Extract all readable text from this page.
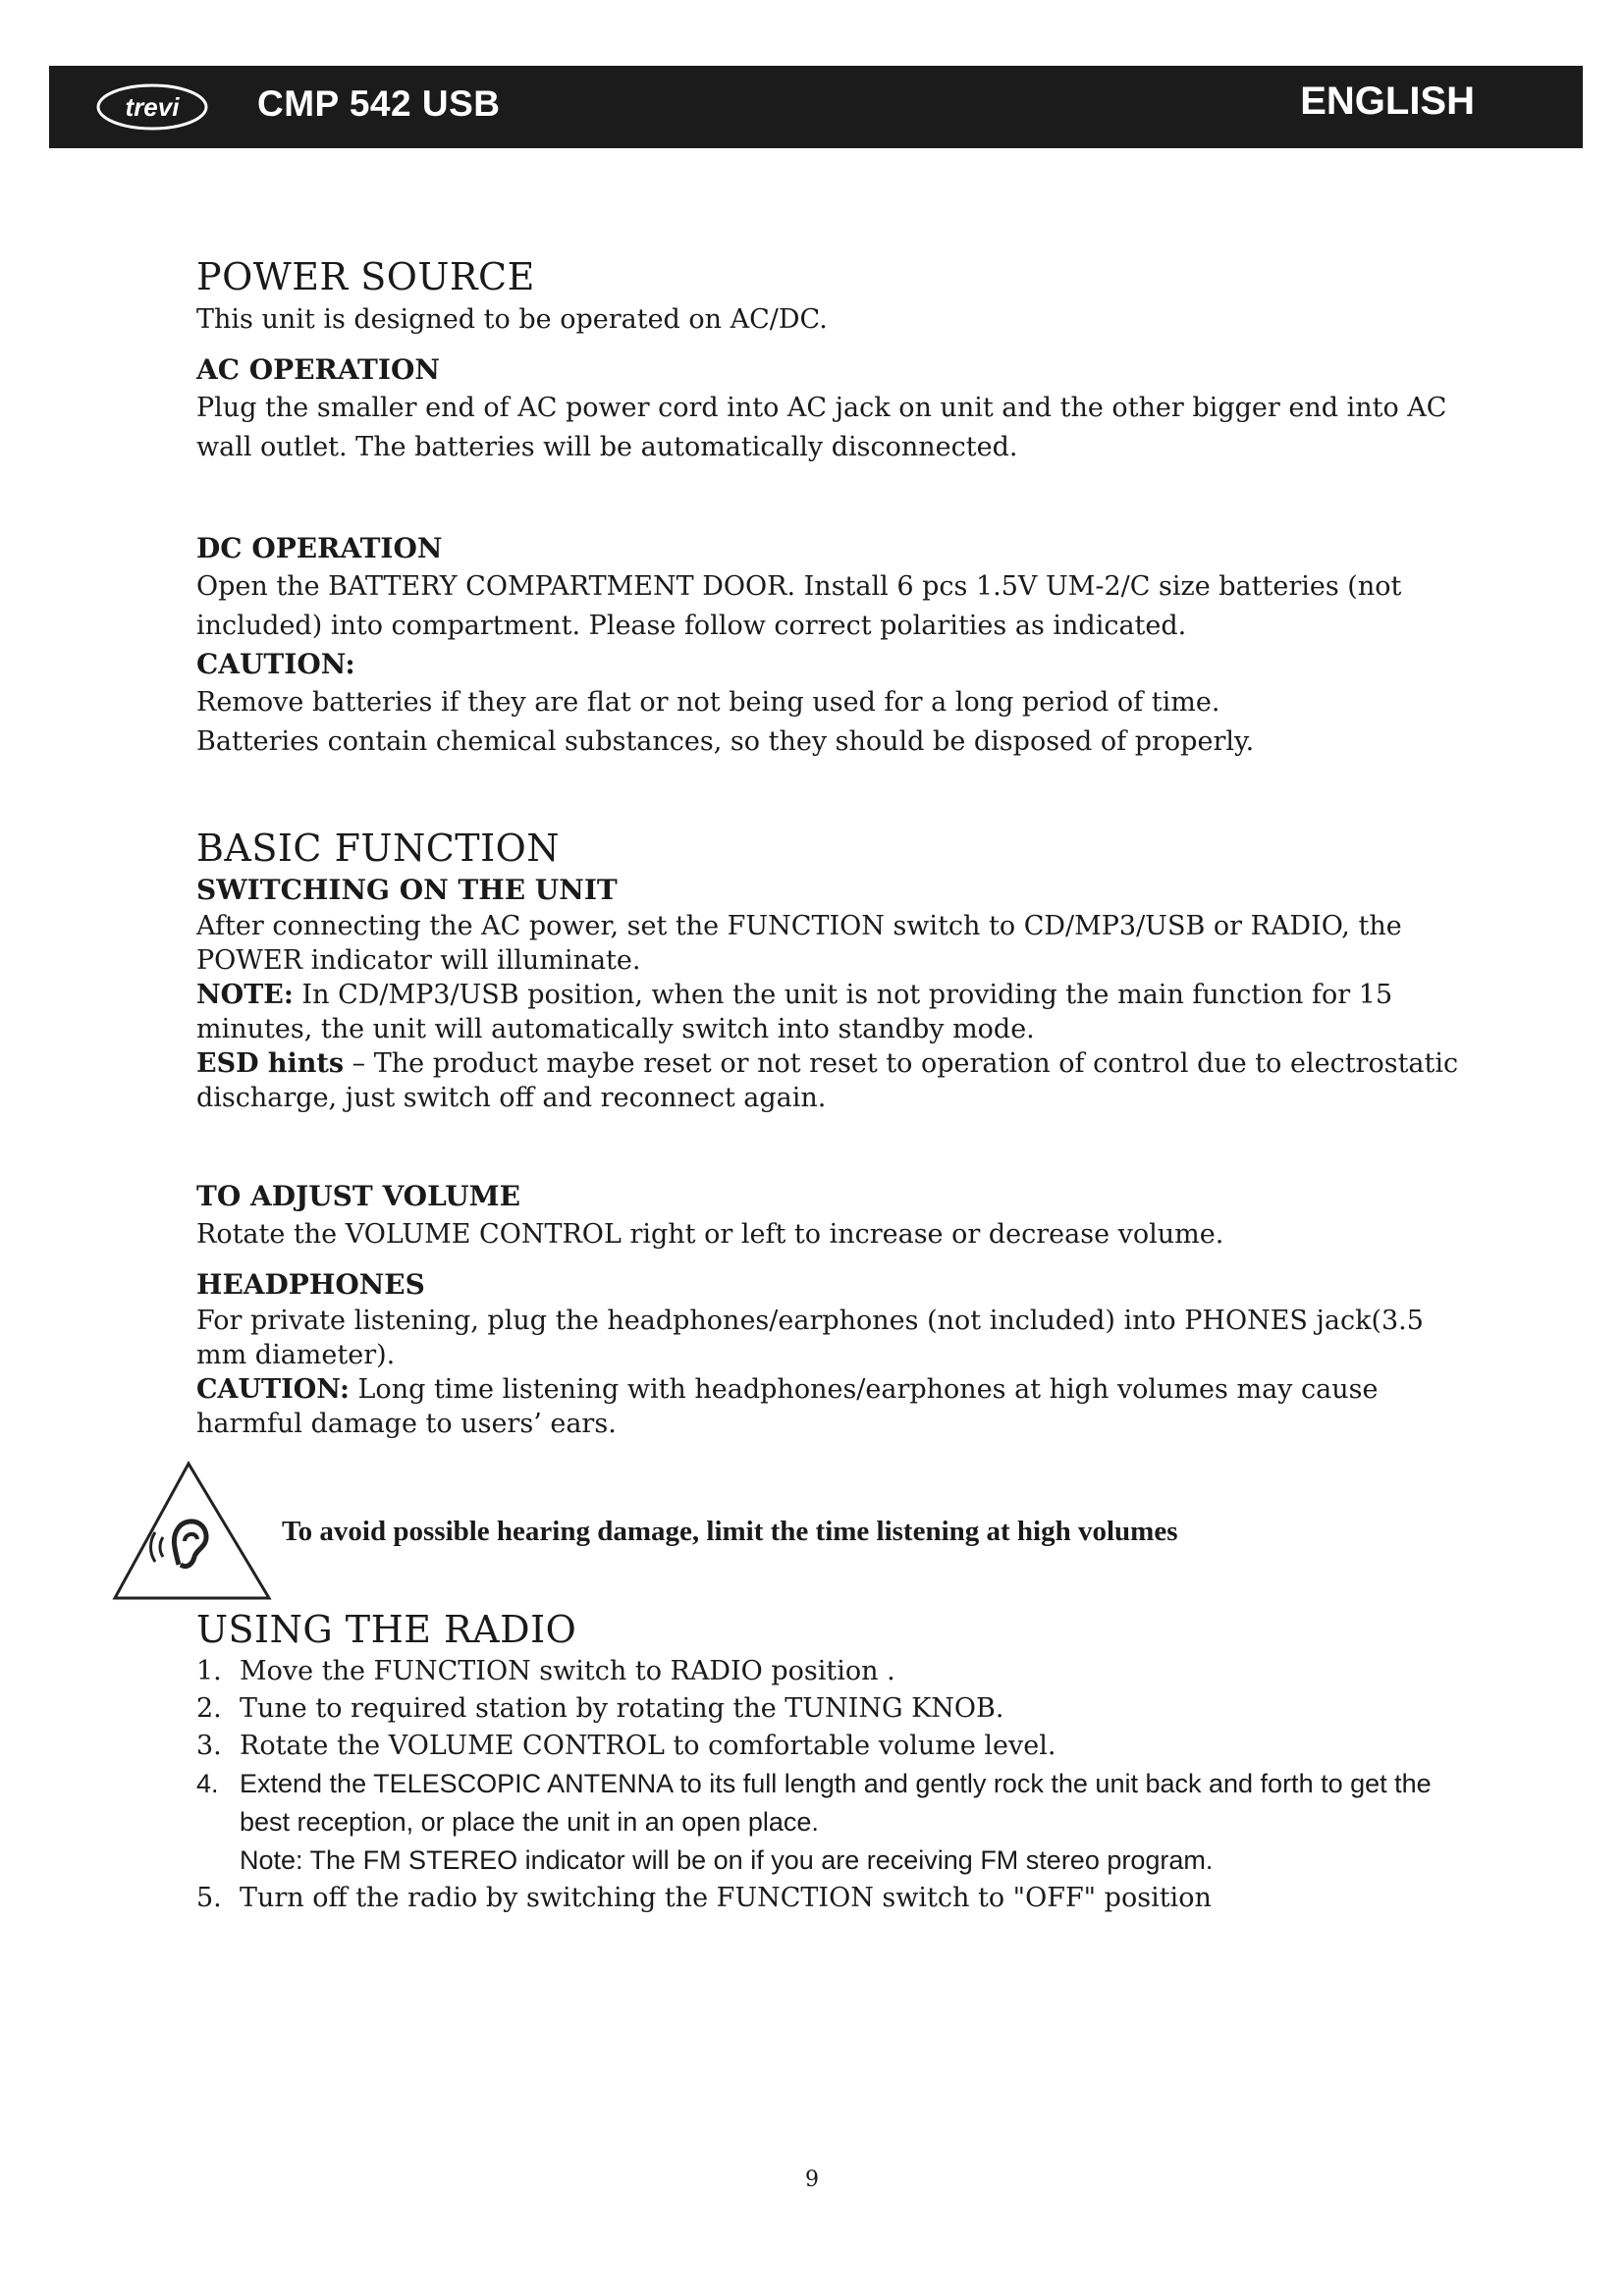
trevi CMP 542 USB	ENGLISH
POWER SOURCE

This unit is designed to be operated on AC/DC.

AC OPERATION

Plug the smaller end of AC power cord into AC jack on unit and the other bigger end into AC wall outlet. The batteries will be automatically disconnected.

DC OPERATION

Open the BATTERY COMPARTMENT DOOR. Install 6 pcs 1.5V UM-2/C size batteries (not included) into compartment. Please follow correct polarities as indicated.

CAUTION:

Remove batteries if they are flat or not being used for a long period of time.

Batteries contain chemical substances, so they should be disposed of properly.

BASIC FUNCTION
SWITCHING ON THE UNIT

After connecting the AC power, set the FUNCTION switch to CD/MP3/USB or RADIO, the POWER indicator will illuminate.

NOTE: In CD/MP3/USB position, when the unit is not providing the main function for 15 minutes, the unit will automatically switch into standby mode.

ESD hints – The product maybe reset or not reset to operation of control due to electrostatic discharge, just switch off and reconnect again.

TO ADJUST VOLUME

Rotate the VOLUME CONTROL right or left to increase or decrease volume.

HEADPHONES

For private listening, plug the headphones/earphones (not included) into PHONES jack(3.5 mm diameter).

CAUTION: Long time listening with headphones/earphones at high volumes may cause harmful damage to users’ ears.

To avoid possible hearing damage, limit the time listening at high volumes
USING THE RADIO
1. Move the FUNCTION switch to RADIO position .
2. Tune to required station by rotating the TUNING KNOB.
3. Rotate the VOLUME CONTROL to comfortable volume level.
4. Extend the TELESCOPIC ANTENNA to its full length and gently rock the unit back and forth to get the best reception, or place the unit in an open place.
Note: The FM STEREO indicator will be on if you are receiving FM stereo program.
5. Turn off the radio by switching the FUNCTION switch to "OFF" position
9
